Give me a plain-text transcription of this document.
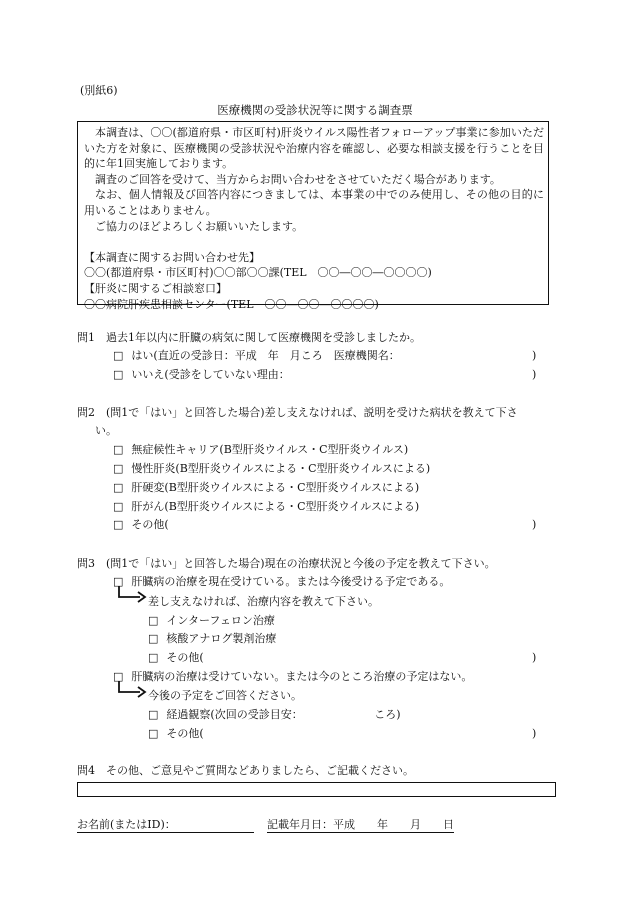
(別紙6)
医療機関の受診状況等に関する調査票

本調査は、〇〇(都道府県・市区町村)肝炎ウイルス陽性者フォローアップ事業に参加いただいた方を対象に、医療機関の受診状況や治療内容を確認し、必要な相談支援を行うことを目的に年1回実施しております。

調査のご回答を受けて、当方からお問い合わせをさせていただく場合があります。

なお、個人情報及び回答内容につきましては、本事業の中でのみ使用し、その他の目的に用いることはありません。

ご協力のほどよろしくお願いいたします。

【本調査に関するお問い合わせ先】
〇〇(都道府県・市区町村)〇〇部〇〇課(TEL　〇〇―〇〇―〇〇〇〇)
【肝炎に関するご相談窓口】
〇〇病院肝疾患相談センター(TEL　〇〇―〇〇―〇〇〇〇)
問1　過去1年以内に肝臓の病気に関して医療機関を受診しましたか。
□ はい(直近の受診日：平成　年　月ころ　医療機関名：	)
□ いいえ(受診をしていない理由：	)
問2　(問1で「はい」と回答した場合)差し支えなければ、説明を受けた病状を教えて下さ
い。
□ 無症候性キャリア(B型肝炎ウイルス・C型肝炎ウイルス)
□ 慢性肝炎(B型肝炎ウイルスによる・C型肝炎ウイルスによる)
□ 肝硬変(B型肝炎ウイルスによる・C型肝炎ウイルスによる)
□ 肝がん(B型肝炎ウイルスによる・C型肝炎ウイルスによる)
□ その他(	)
問3　(問1で「はい」と回答した場合)現在の治療状況と今後の予定を教えて下さい。
□ 肝臓病の治療を現在受けている。または今後受ける予定である。
差し支えなければ、治療内容を教えて下さい。
□ インターフェロン治療
□ 核酸アナログ製剤治療
□ その他(	)
□ 肝臓病の治療は受けていない。または今のところ治療の予定はない。
今後の予定をご回答ください。
□ 経過観察(次回の受診目安：　　　　　　　ころ)
□ その他(	)
問4　その他、ご意見やご質問などありましたら、ご記載ください。
お名前(またはID)：	記載年月日：平成　　年　　月　　日
